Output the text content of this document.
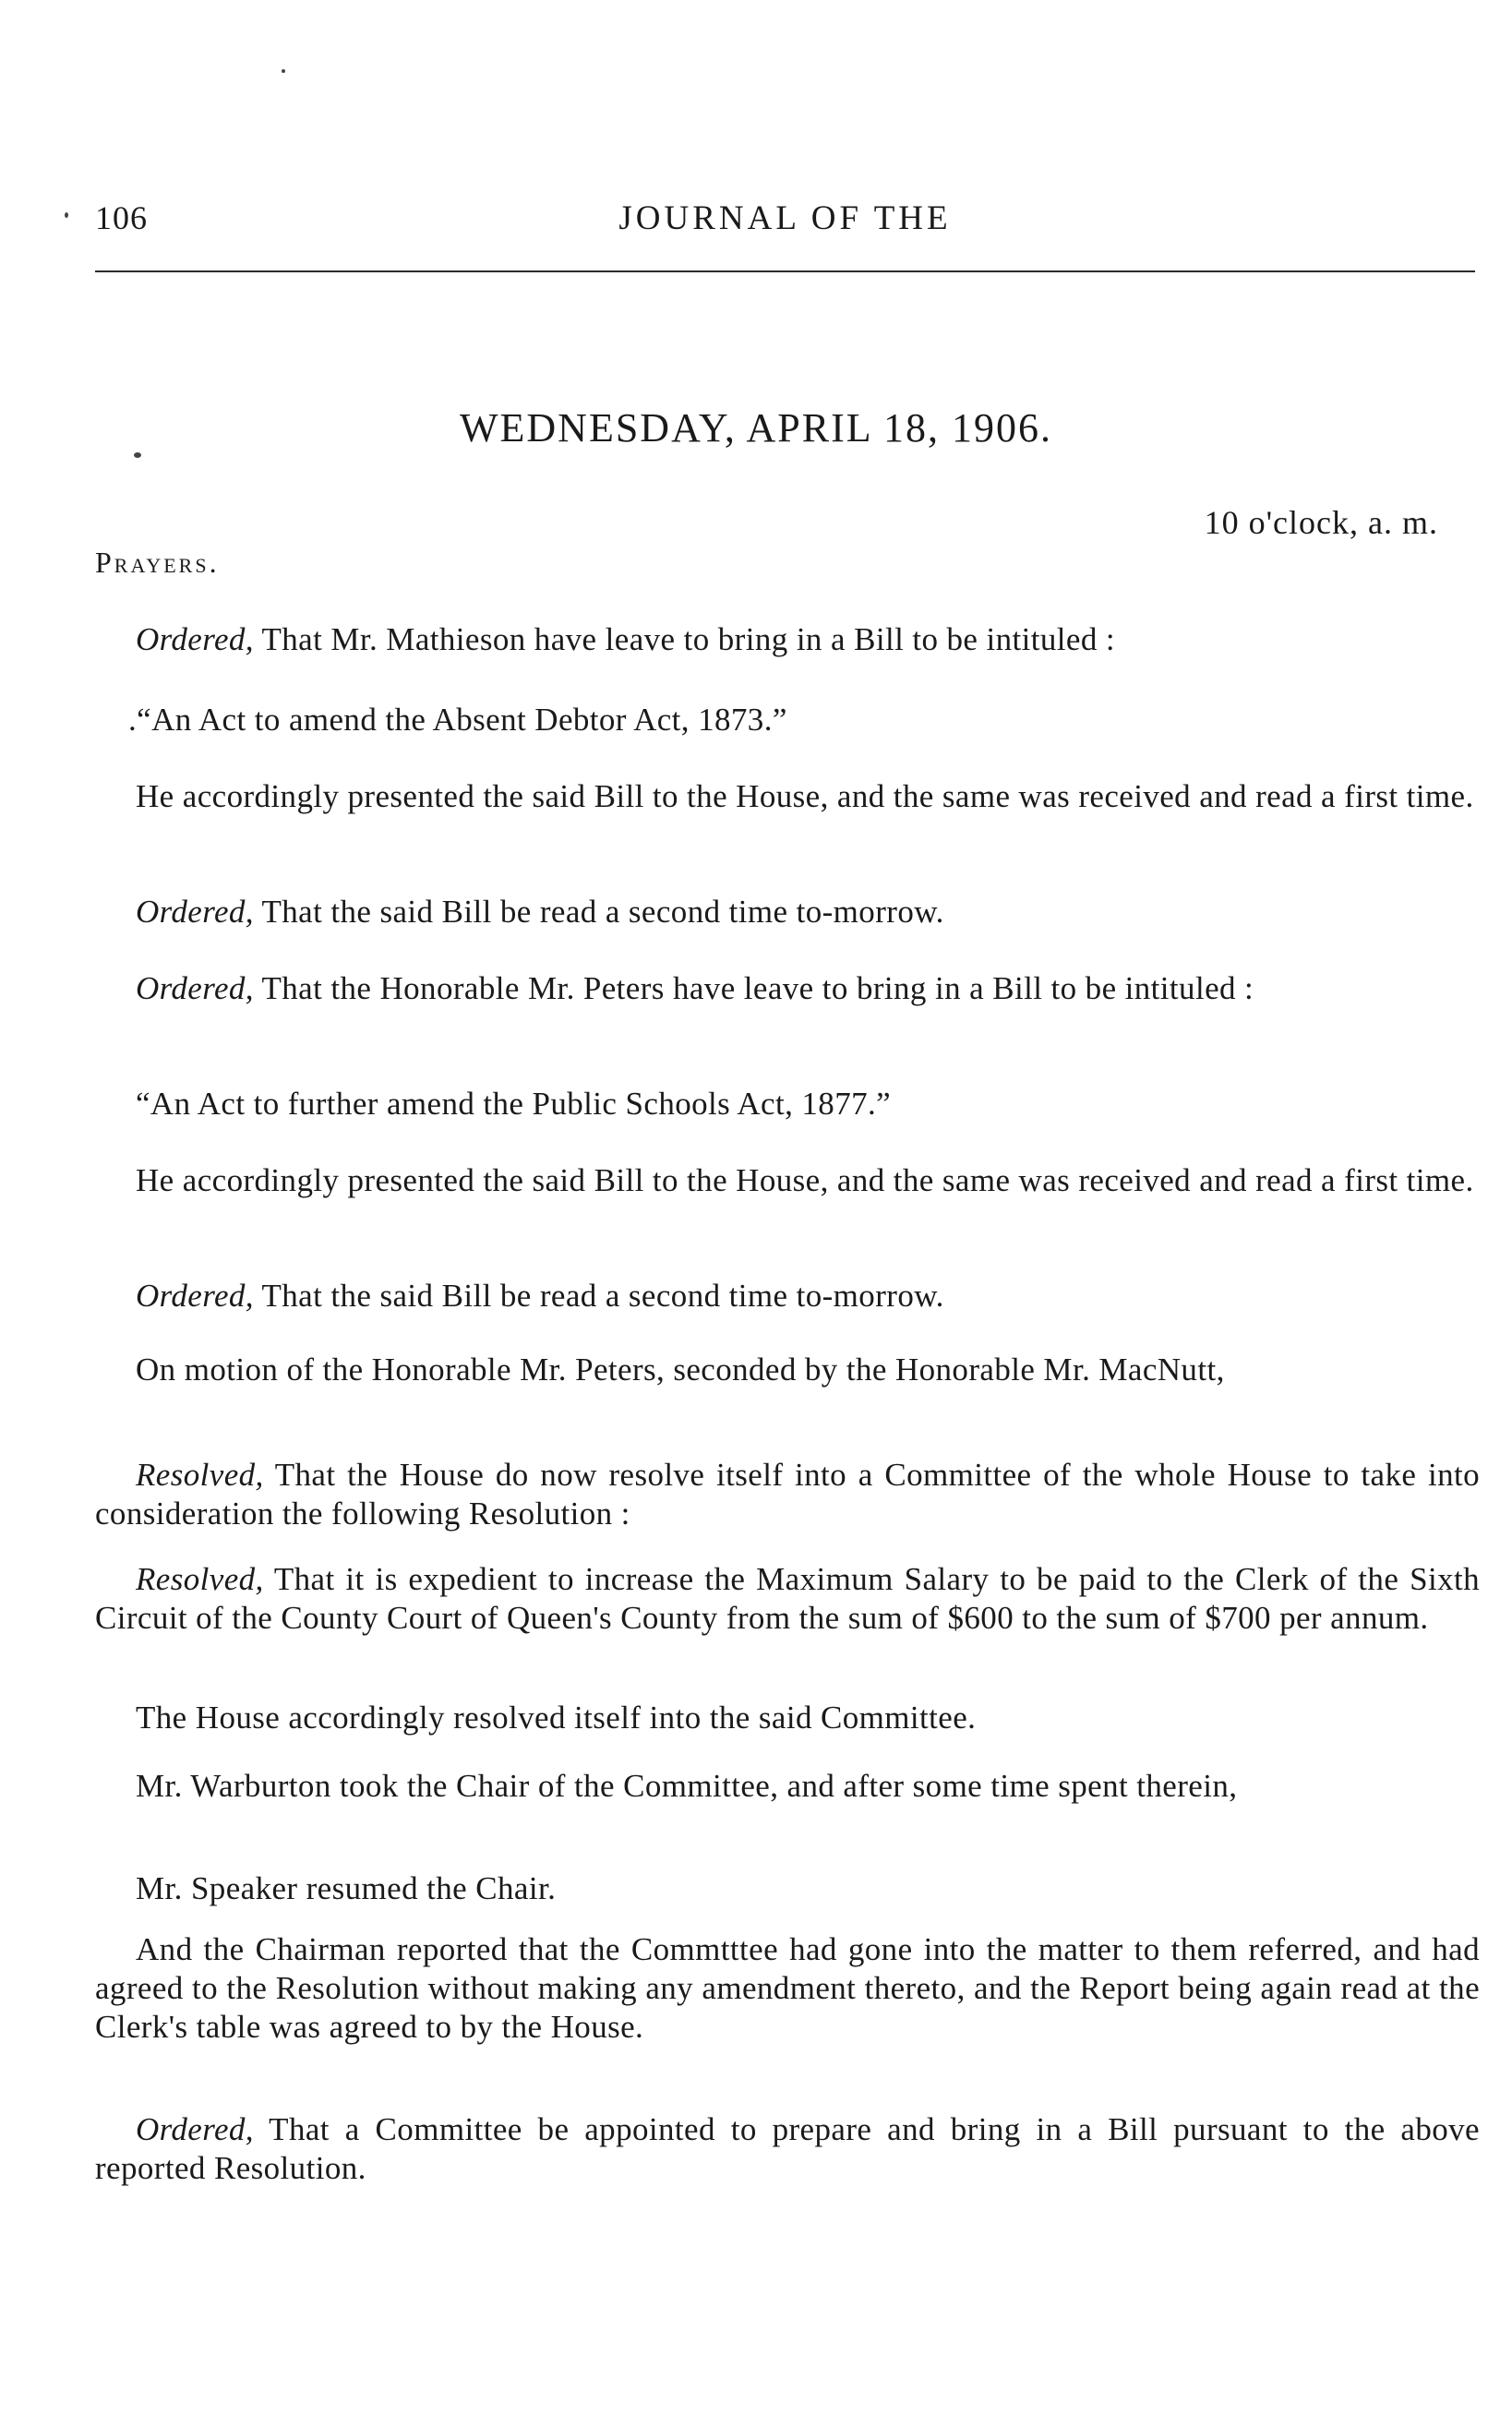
106	JOURNAL OF THE
WEDNESDAY, APRIL 18, 1906.
10 o'clock, a. m.
Prayers.

Ordered, That Mr. Mathieson have leave to bring in a Bill to be intituled :

.“An Act to amend the Absent Debtor Act, 1873.”

He accordingly presented the said Bill to the House, and the same was received and read a first time.

Ordered, That the said Bill be read a second time to-morrow.

Ordered, That the Honorable Mr. Peters have leave to bring in a Bill to be intituled :

“An Act to further amend the Public Schools Act, 1877.”

He accordingly presented the said Bill to the House, and the same was received and read a first time.

Ordered, That the said Bill be read a second time to-morrow.

On motion of the Honorable Mr. Peters, seconded by the Honorable Mr. MacNutt,

Resolved, That the House do now resolve itself into a Committee of the whole House to take into consideration the following Resolution :

Resolved, That it is expedient to increase the Maximum Salary to be paid to the Clerk of the Sixth Circuit of the County Court of Queen's County from the sum of $600 to the sum of $700 per annum.

The House accordingly resolved itself into the said Committee.

Mr. Warburton took the Chair of the Committee, and after some time spent therein,

Mr. Speaker resumed the Chair.

And the Chairman reported that the Commtttee had gone into the matter to them referred, and had agreed to the Resolution without making any amendment thereto, and the Report being again read at the Clerk's table was agreed to by the House.

Ordered, That a Committee be appointed to prepare and bring in a Bill pursuant to the above reported Resolution.
